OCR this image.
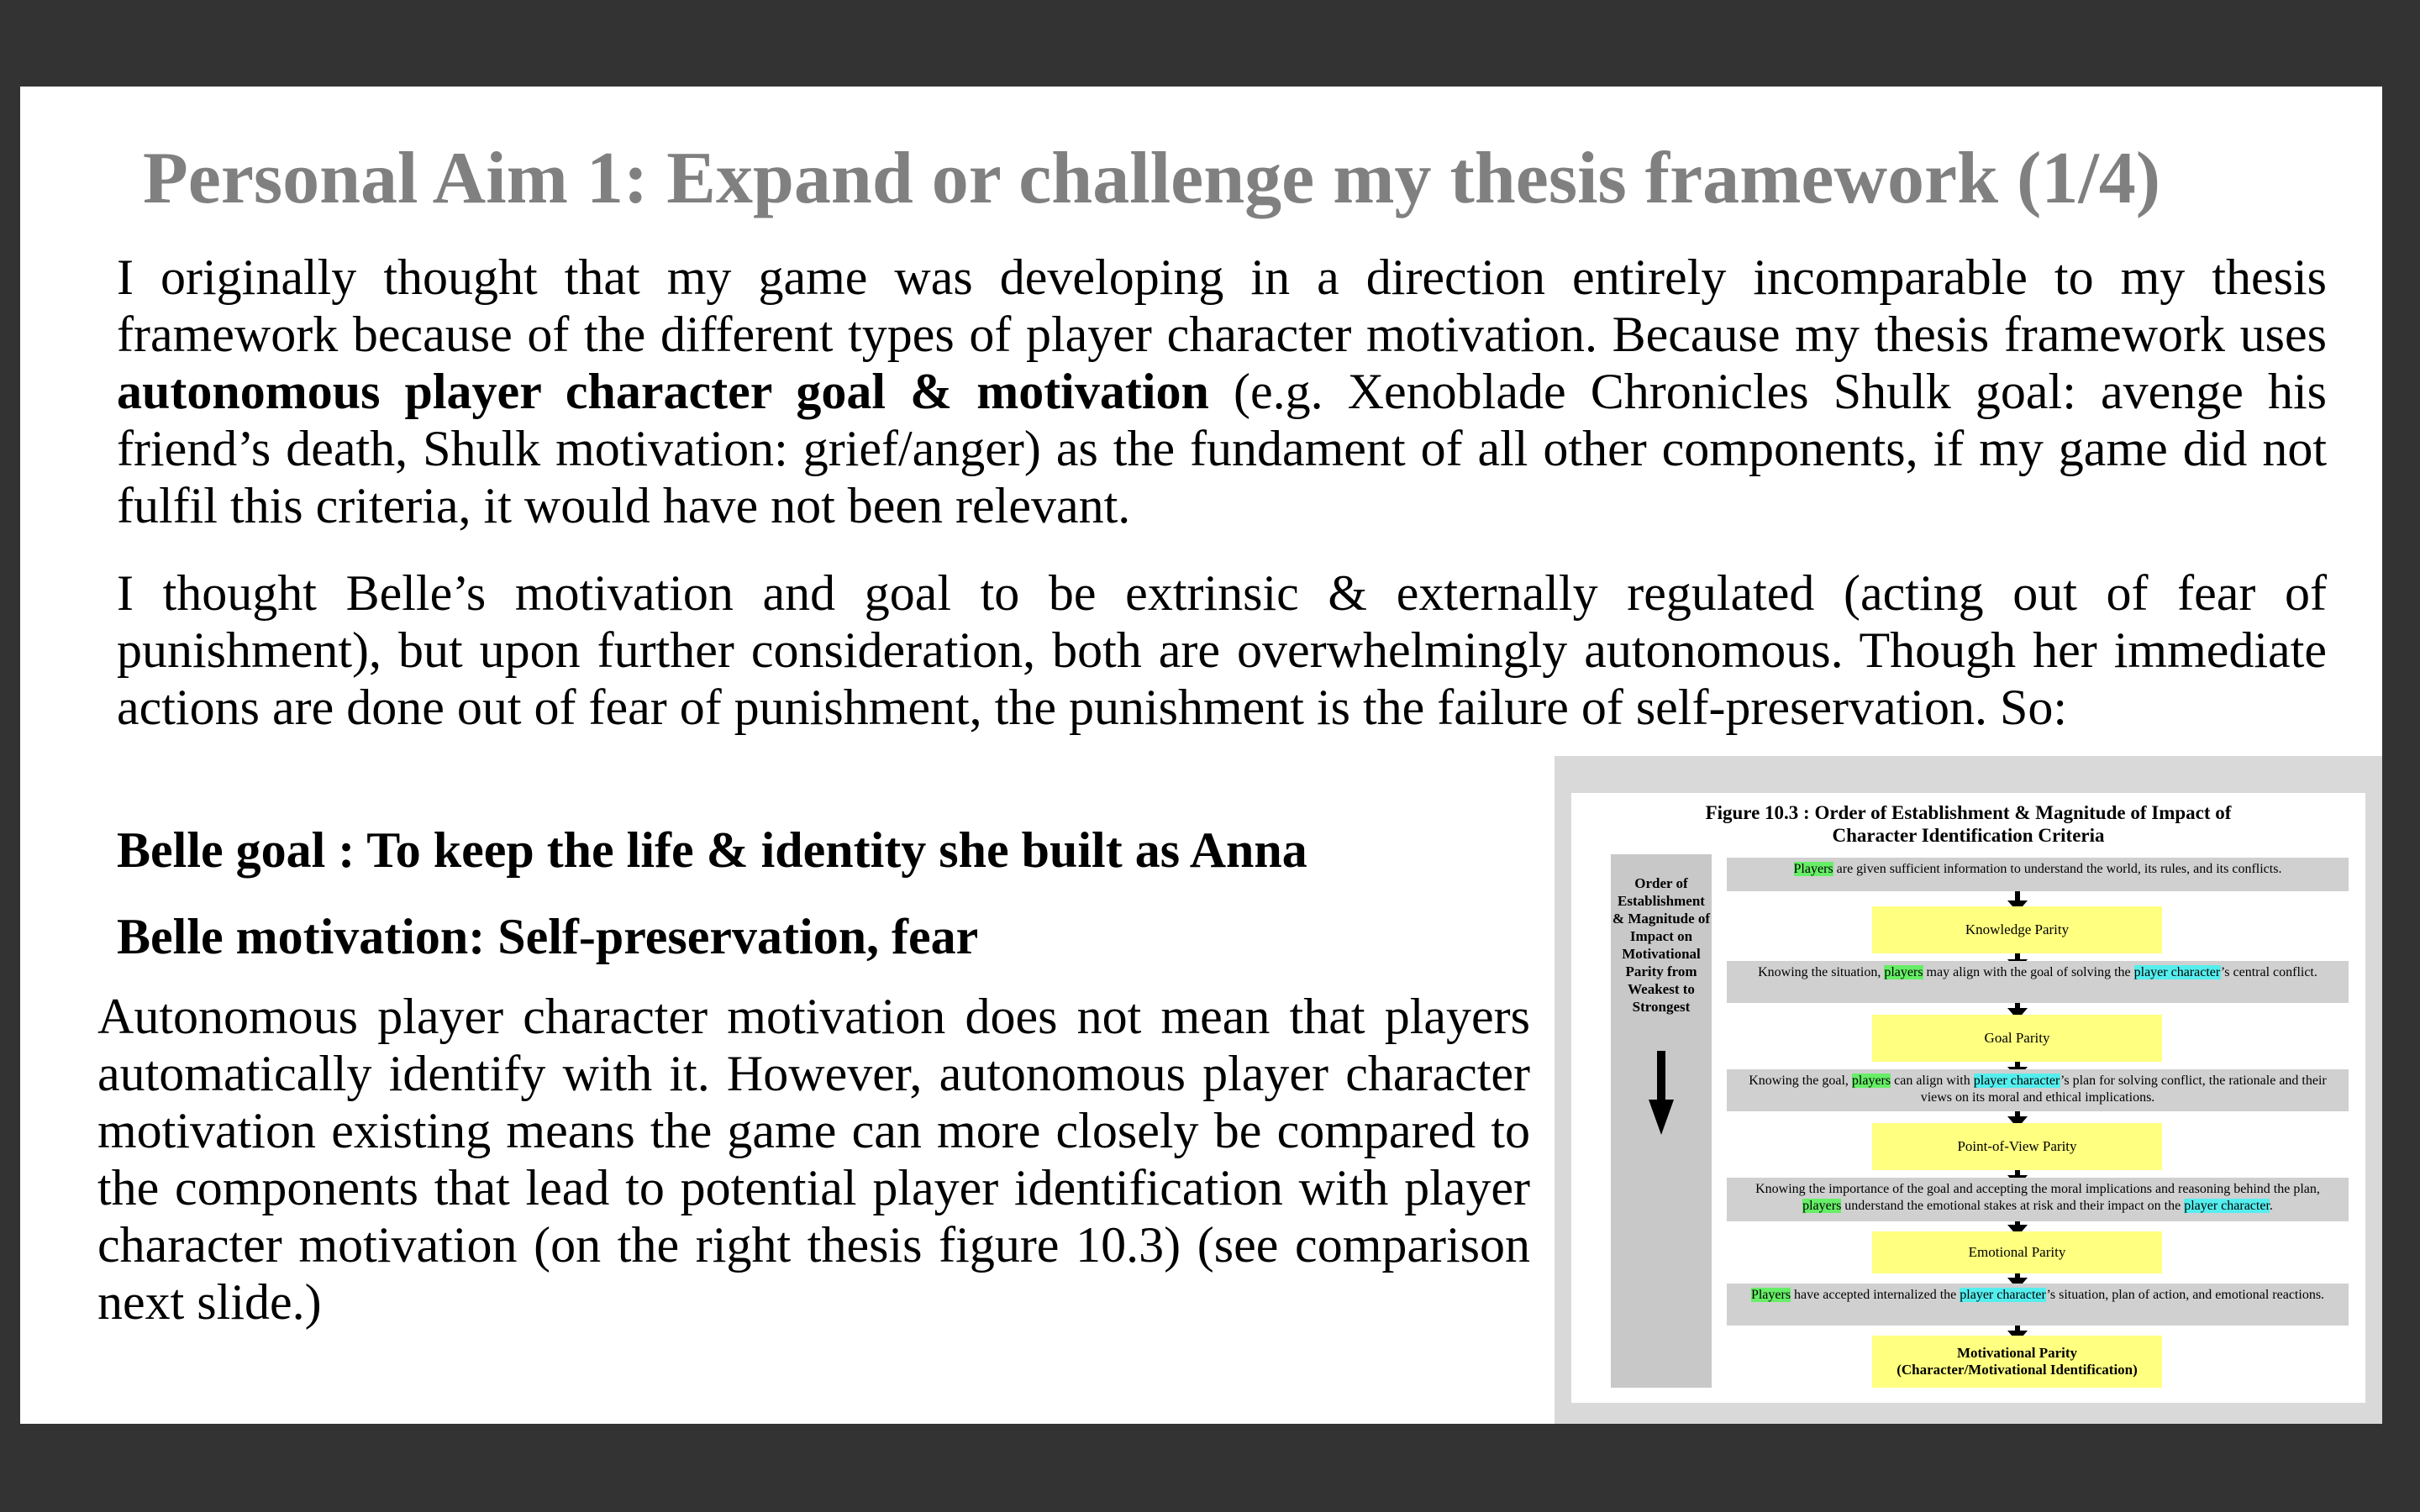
Personal Aim 1: Expand or challenge my thesis framework (1/4)

I originally thought that my game was developing in a direction entirely incomparable to my thesis framework because of the different types of player character motivation. Because my thesis framework uses autonomous player character goal & motivation (e.g. Xenoblade Chronicles Shulk goal: avenge his friend’s death, Shulk motivation: grief/anger) as the fundament of all other components, if my game did not fulfil this criteria, it would have not been relevant.

I thought Belle’s motivation and goal to be extrinsic & externally regulated (acting out of fear of punishment), but upon further consideration, both are overwhelmingly autonomous. Though her immediate actions are done out of fear of punishment, the punishment is the failure of self-preservation. So:

Belle goal : To keep the life & identity she built as Anna
Belle motivation: Self-preservation, fear

Autonomous player character motivation does not mean that players automatically identify with it. However, autonomous player character motivation existing means the game can more closely be compared to the components that lead to potential player identification with player character motivation (on the right thesis figure 10.3) (see comparison next slide.)

Figure 10.3 : Order of Establishment & Magnitude of Impact of
Character Identification Criteria
Order of Establishment & Magnitude of Impact on Motivational Parity from Weakest to Strongest
Players are given sufficient information to understand the world, its rules, and its conflicts.
Knowledge Parity
Knowing the situation, players may align with the goal of solving the player character’s central conflict.
Goal Parity
Knowing the goal, players can align with player character’s plan for solving conflict, the rationale and their views on its moral and ethical implications.
Point-of-View Parity
Knowing the importance of the goal and accepting the moral implications and reasoning behind the plan, players understand the emotional stakes at risk and their impact on the player character.
Emotional Parity
Players have accepted internalized the player character’s situation, plan of action, and emotional reactions.
Motivational Parity
(Character/Motivational Identification)
